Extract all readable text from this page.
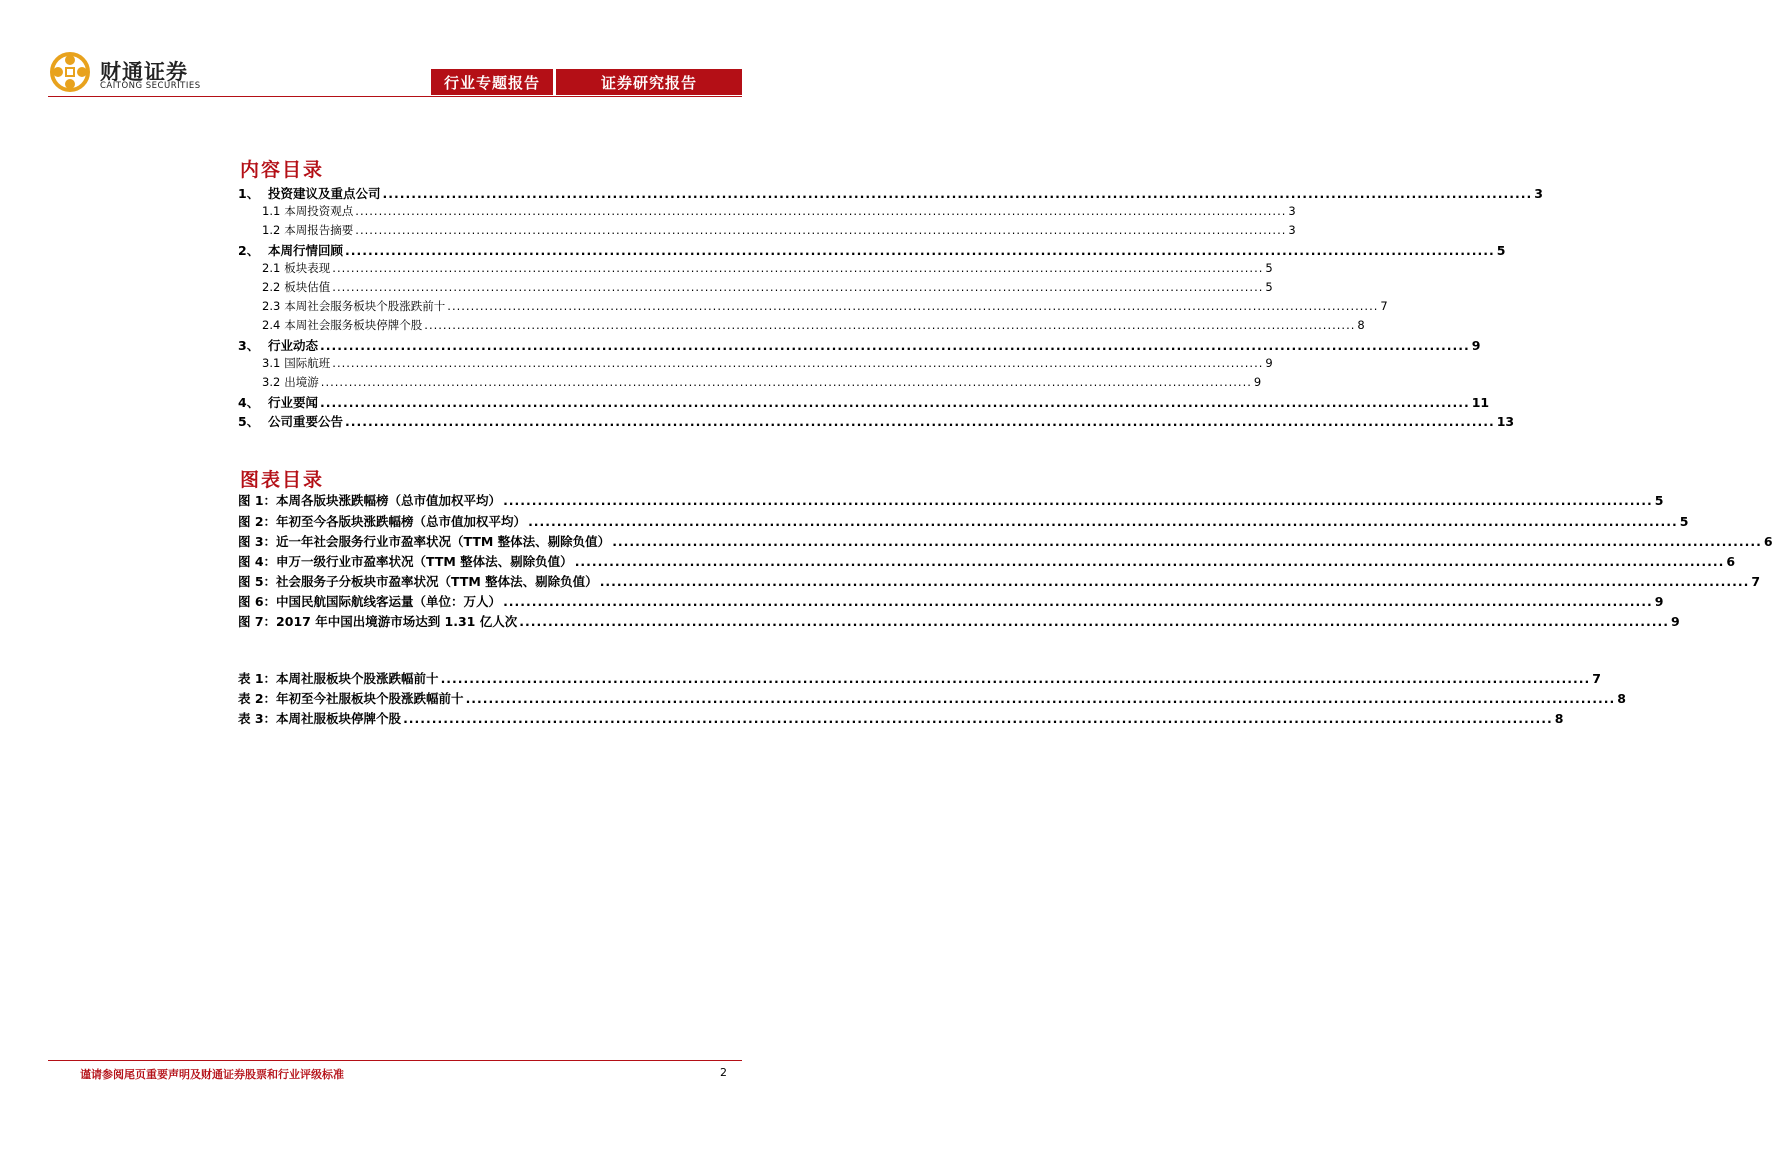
财通证券
CAITONG SECURITIES	行业专题报告	证券研究报告
内容目录
1、 投资建议及重点公司 ........................................................................................................................................................................................................ 3
1.1 本周投资观点 ........................................................................................................................................................................................................ 3
1.2 本周报告摘要 ........................................................................................................................................................................................................ 3
2、 本周行情回顾 ........................................................................................................................................................................................................ 5
2.1 板块表现 ........................................................................................................................................................................................................ 5
2.2 板块估值 ........................................................................................................................................................................................................ 5
2.3 本周社会服务板块个股涨跌前十 ........................................................................................................................................................................................................ 7
2.4 本周社会服务板块停牌个股 ........................................................................................................................................................................................................ 8
3、 行业动态 ........................................................................................................................................................................................................ 9
3.1 国际航班 ........................................................................................................................................................................................................ 9
3.2 出境游 ........................................................................................................................................................................................................ 9
4、 行业要闻 ........................................................................................................................................................................................................ 11
5、 公司重要公告 ........................................................................................................................................................................................................ 13
图表目录
图 1：本周各版块涨跌幅榜（总市值加权平均） ........................................................................................................................................................................................................ 5
图 2：年初至今各版块涨跌幅榜（总市值加权平均） ........................................................................................................................................................................................................ 5
图 3：近一年社会服务行业市盈率状况（TTM 整体法、剔除负值） ........................................................................................................................................................................................................ 6
图 4：申万一级行业市盈率状况（TTM 整体法、剔除负值） ........................................................................................................................................................................................................ 6
图 5：社会服务子分板块市盈率状况（TTM 整体法、剔除负值） ........................................................................................................................................................................................................ 7
图 6：中国民航国际航线客运量（单位：万人） ........................................................................................................................................................................................................ 9
图 7：2017 年中国出境游市场达到 1.31 亿人次 ........................................................................................................................................................................................................ 9
表 1：本周社服板块个股涨跌幅前十 ........................................................................................................................................................................................................ 7
表 2：年初至今社服板块个股涨跌幅前十 ........................................................................................................................................................................................................ 8
表 3：本周社服板块停牌个股 ........................................................................................................................................................................................................ 8
谨请参阅尾页重要声明及财通证券股票和行业评级标准	2
